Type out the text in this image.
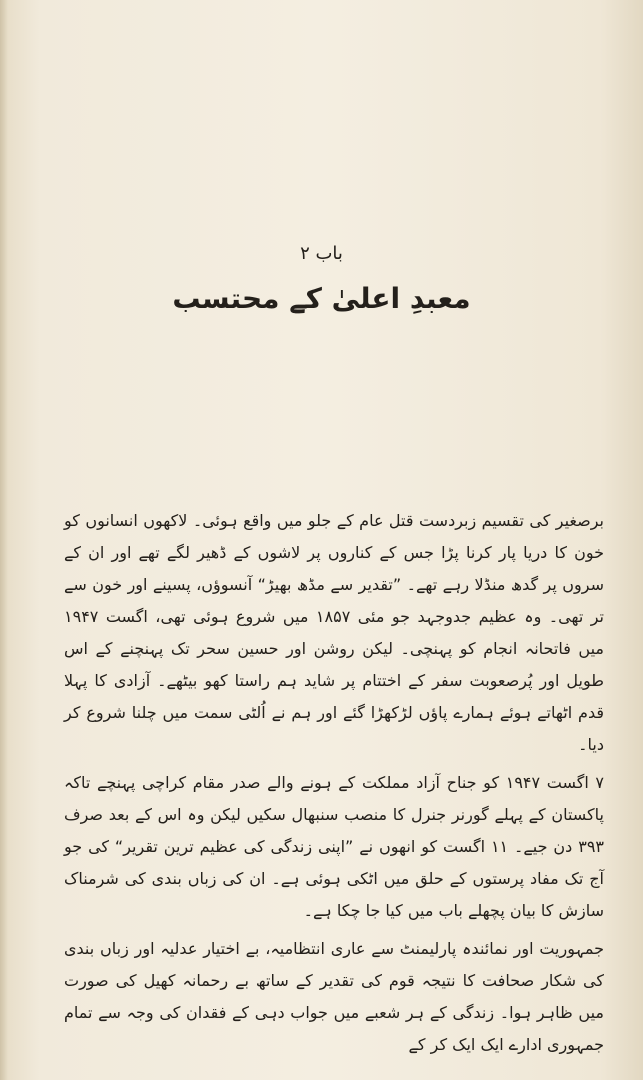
باب ۲
معبدِ اعلیٰ کے محتسب

برصغیر کی تقسیم زبردست قتل عام کے جلو میں واقع ہوئی۔ لاکھوں انسانوں کو خون کا دریا پار کرنا پڑا جس کے کناروں پر لاشوں کے ڈھیر لگے تھے اور ان کے سروں پر گدھ منڈلا رہے تھے۔ ”تقدیر سے مڈھ بھیڑ“ آنسوؤں، پسینے اور خون سے تر تھی۔ وہ عظیم جدوجہد جو مئی ۱۸۵۷ میں شروع ہوئی تھی، اگست ۱۹۴۷ میں فاتحانہ انجام کو پہنچی۔ لیکن روشن اور حسین سحر تک پہنچنے کے اس طویل اور پُرصعوبت سفر کے اختتام پر شاید ہم راستا کھو بیٹھے۔ آزادی کا پہلا قدم اٹھاتے ہوئے ہمارے پاؤں لڑکھڑا گئے اور ہم نے اُلٹی سمت میں چلنا شروع کر دیا۔

۷ اگست ۱۹۴۷ کو جناح آزاد مملکت کے ہونے والے صدر مقام کراچی پہنچے تاکہ پاکستان کے پہلے گورنر جنرل کا منصب سنبھال سکیں لیکن وہ اس کے بعد صرف ۳۹۳ دن جیے۔ ۱۱ اگست کو انھوں نے ”اپنی زندگی کی عظیم ترین تقریر“ کی جو آج تک مفاد پرستوں کے حلق میں اٹکی ہوئی ہے۔ ان کی زباں بندی کی شرمناک سازش کا بیان پچھلے باب میں کیا جا چکا ہے۔

جمہوریت اور نمائندہ پارلیمنٹ سے عاری انتظامیہ، بے اختیار عدلیہ اور زباں بندی کی شکار صحافت کا نتیجہ قوم کی تقدیر کے ساتھ بے رحمانہ کھیل کی صورت میں ظاہر ہوا۔ زندگی کے ہر شعبے میں جواب دہی کے فقدان کی وجہ سے تمام جمہوری ادارے ایک ایک کر کے
